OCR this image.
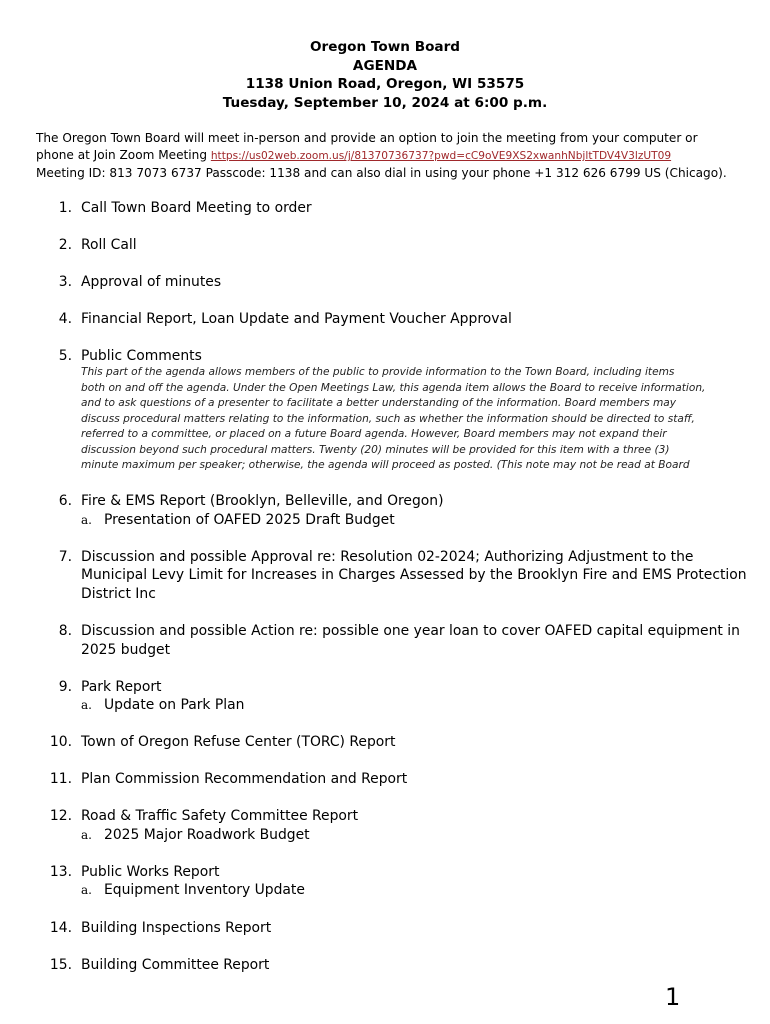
Oregon Town Board
AGENDA
1138 Union Road, Oregon, WI 53575
Tuesday, September 10, 2024 at 6:00 p.m.
The Oregon Town Board will meet in-person and provide an option to join the meeting from your computer or
phone at Join Zoom Meeting https://us02web.zoom.us/j/81370736737?pwd=cC9oVE9XS2xwanhNbjltTDV4V3lzUT09
Meeting ID: 813 7073 6737 Passcode: 1138 and can also dial in using your phone +1 312 626 6799 US (Chicago).
1. Call Town Board Meeting to order
2. Roll Call
3. Approval of minutes
4. Financial Report, Loan Update and Payment Voucher Approval
5. Public Comments
This part of the agenda allows members of the public to provide information to the Town Board, including items
both on and off the agenda. Under the Open Meetings Law, this agenda item allows the Board to receive information,
and to ask questions of a presenter to facilitate a better understanding of the information. Board members may
discuss procedural matters relating to the information, such as whether the information should be directed to staff,
referred to a committee, or placed on a future Board agenda. However, Board members may not expand their
discussion beyond such procedural matters. Twenty (20) minutes will be provided for this item with a three (3)
minute maximum per speaker; otherwise, the agenda will proceed as posted. (This note may not be read at Board
6. Fire & EMS Report (Brooklyn, Belleville, and Oregon)
a. Presentation of OAFED 2025 Draft Budget
7. Discussion and possible Approval re: Resolution 02-2024; Authorizing Adjustment to the
Municipal Levy Limit for Increases in Charges Assessed by the Brooklyn Fire and EMS Protection
District Inc
8. Discussion and possible Action re: possible one year loan to cover OAFED capital equipment in
2025 budget
9. Park Report
a. Update on Park Plan
10. Town of Oregon Refuse Center (TORC) Report
11. Plan Commission Recommendation and Report
12. Road & Traffic Safety Committee Report
a. 2025 Major Roadwork Budget
13. Public Works Report
a. Equipment Inventory Update
14. Building Inspections Report
15. Building Committee Report
1
